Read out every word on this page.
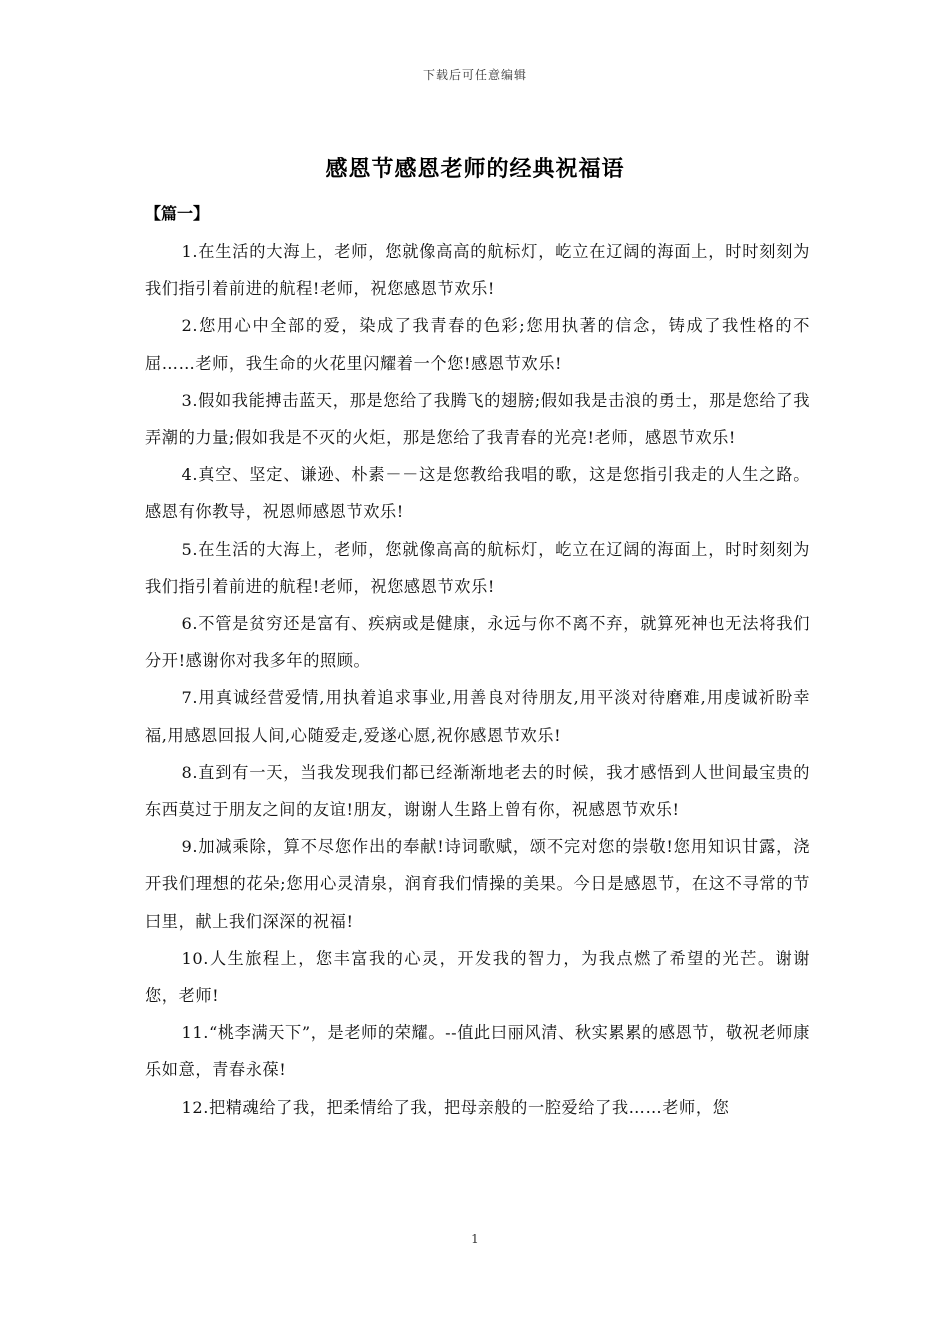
下载后可任意编辑
感恩节感恩老师的经典祝福语
【篇一】

1.在生活的大海上，老师，您就像高高的航标灯，屹立在辽阔的海面上，时时刻刻为我们指引着前进的航程!老师，祝您感恩节欢乐!

2.您用心中全部的爱，染成了我青春的色彩;您用执著的信念，铸成了我性格的不屈……老师，我生命的火花里闪耀着一个您!感恩节欢乐!

3.假如我能搏击蓝天，那是您给了我腾飞的翅膀;假如我是击浪的勇士，那是您给了我弄潮的力量;假如我是不灭的火炬，那是您给了我青春的光亮!老师，感恩节欢乐!

4.真空、坚定、谦逊、朴素－－这是您教给我唱的歌，这是您指引我走的人生之路。感恩有你教导，祝恩师感恩节欢乐!

5.在生活的大海上，老师，您就像高高的航标灯，屹立在辽阔的海面上，时时刻刻为我们指引着前进的航程!老师，祝您感恩节欢乐!

6.不管是贫穷还是富有、疾病或是健康，永远与你不离不弃，就算死神也无法将我们分开!感谢你对我多年的照顾。

7.用真诚经营爱情,用执着追求事业,用善良对待朋友,用平淡对待磨难,用虔诚祈盼幸福,用感恩回报人间,心随爱走,爱遂心愿,祝你感恩节欢乐!

8.直到有一天，当我发现我们都已经渐渐地老去的时候，我才感悟到人世间最宝贵的东西莫过于朋友之间的友谊!朋友，谢谢人生路上曾有你，祝感恩节欢乐!

9.加减乘除，算不尽您作出的奉献!诗词歌赋，颂不完对您的崇敬!您用知识甘露，浇开我们理想的花朵;您用心灵清泉，润育我们情操的美果。今日是感恩节，在这不寻常的节曰里，献上我们深深的祝福!

10.人生旅程上，您丰富我的心灵，开发我的智力，为我点燃了希望的光芒。谢谢您，老师!

11.“桃李满天下”，是老师的荣耀。--值此曰丽风清、秋实累累的感恩节，敬祝老师康乐如意，青春永葆!

12.把精魂给了我，把柔情给了我，把母亲般的一腔爱给了我……老师，您

1
